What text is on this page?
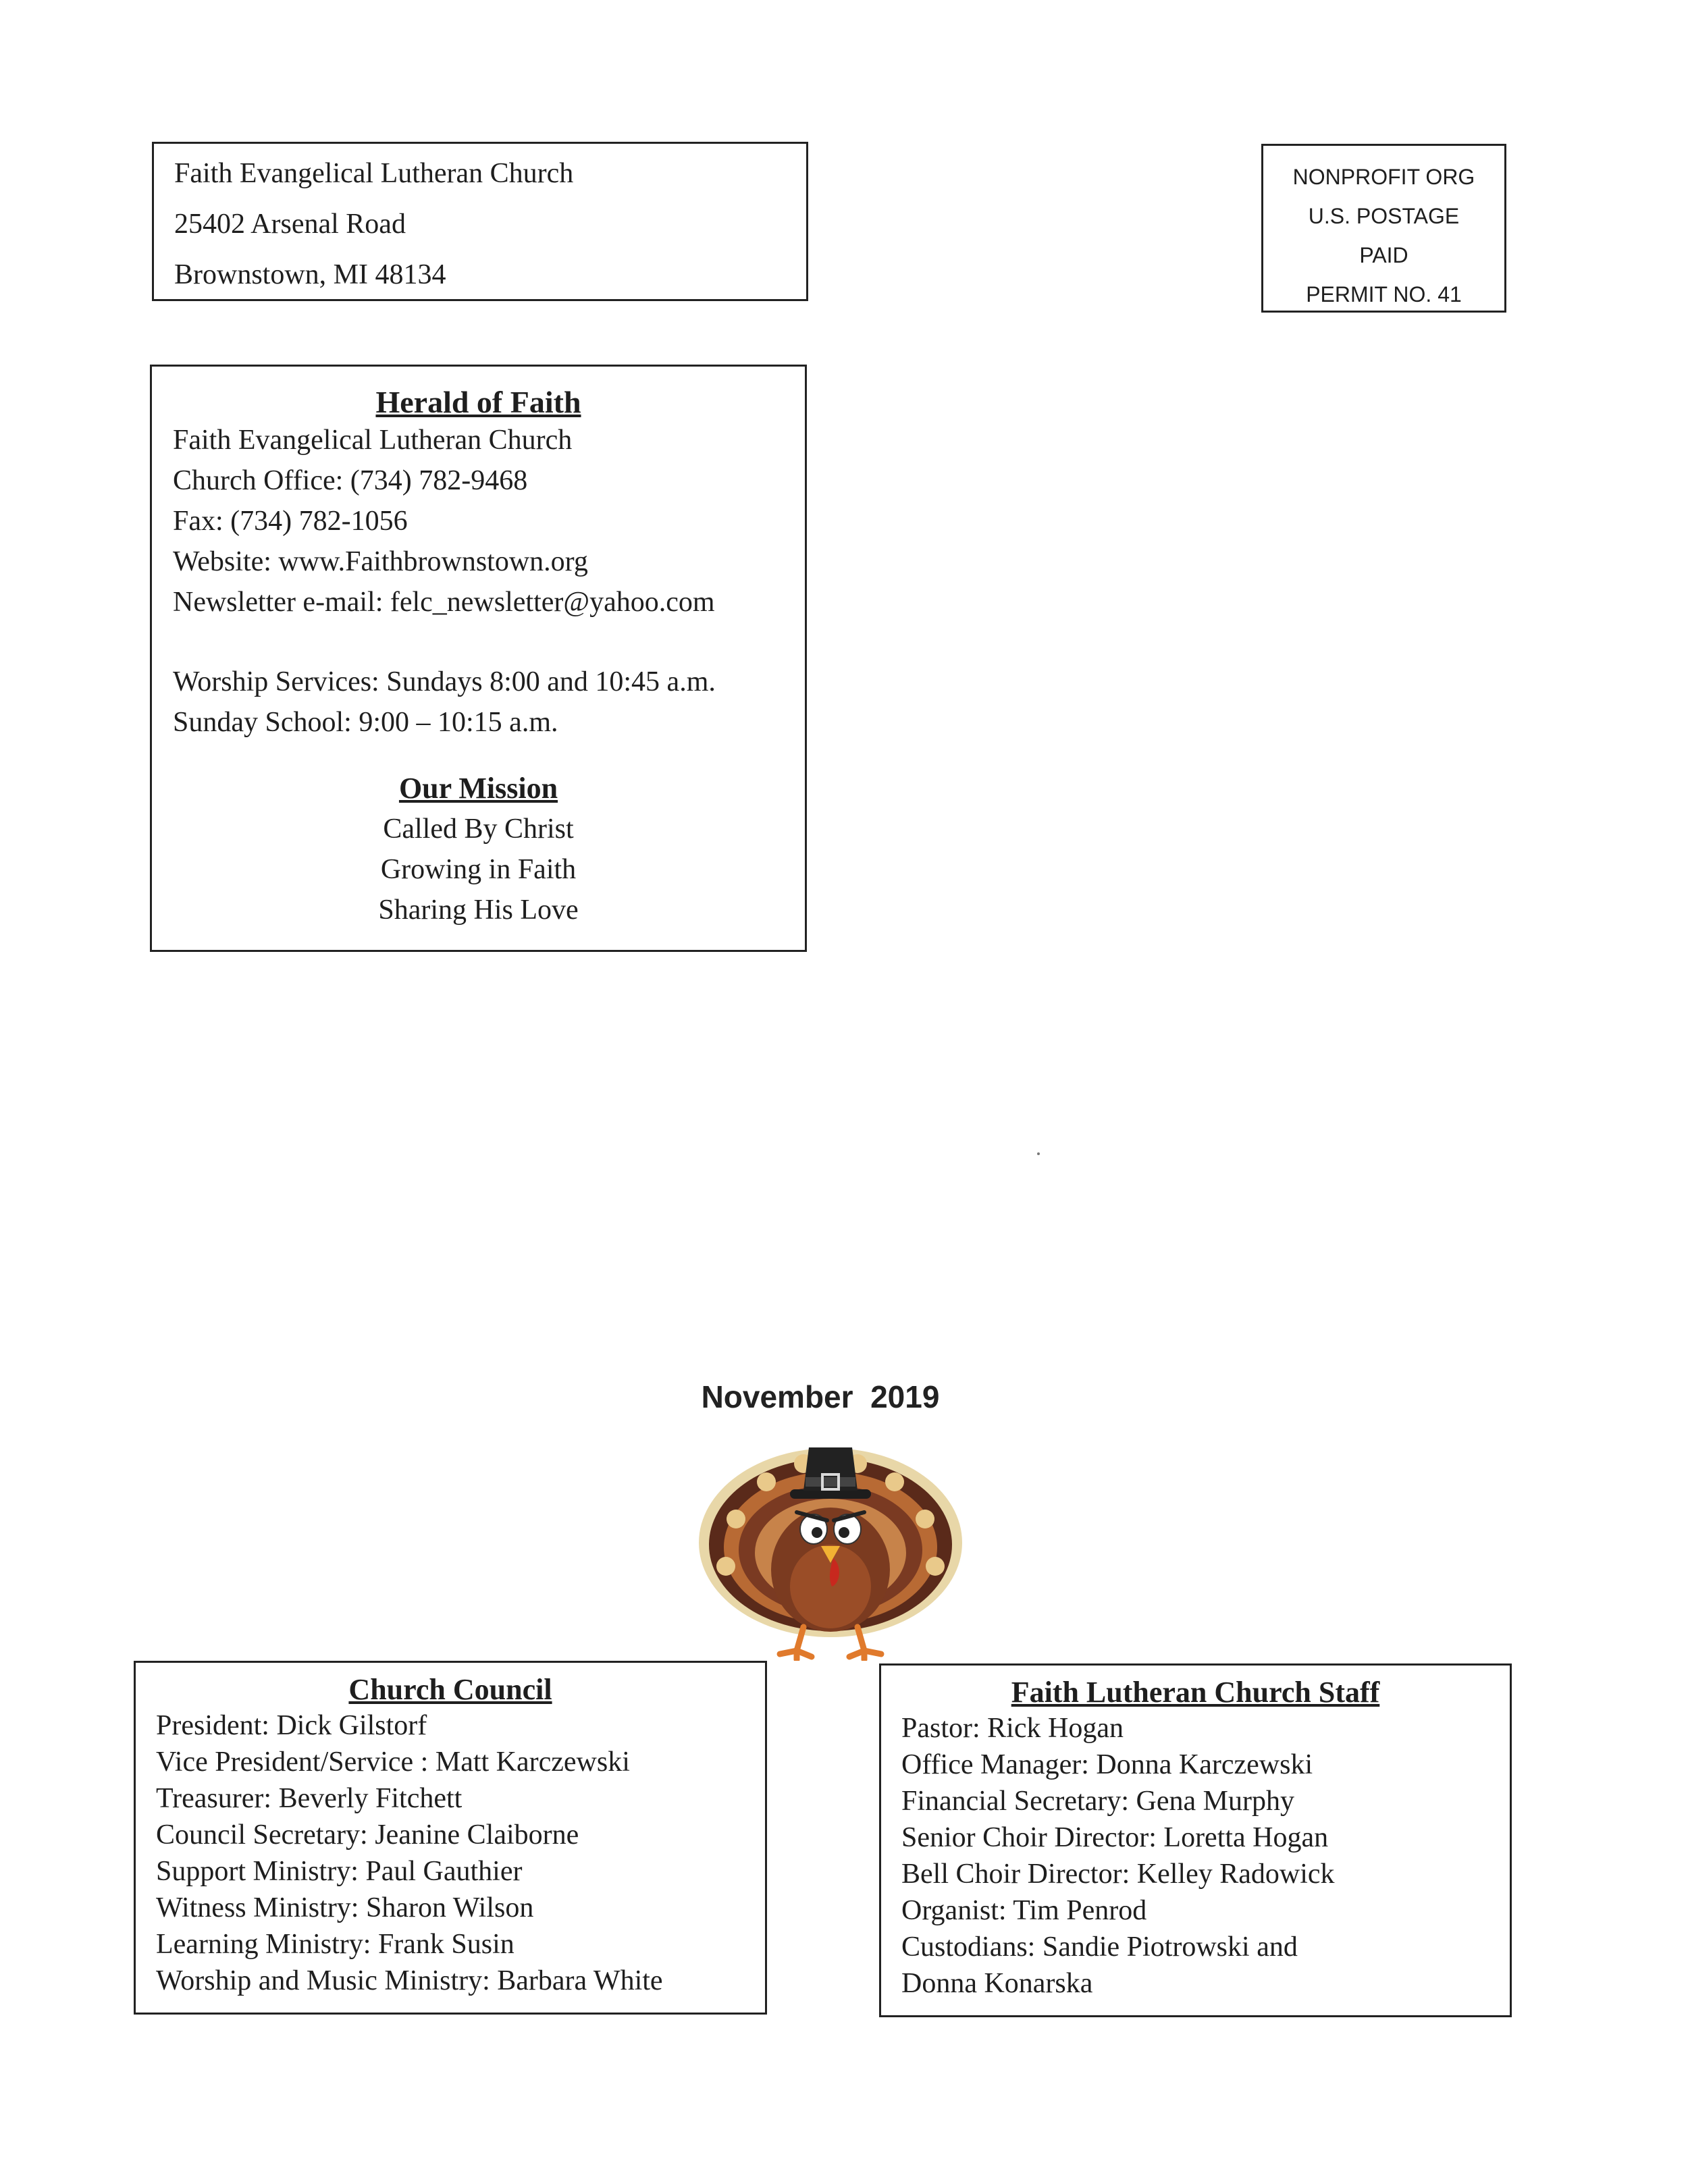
Faith Evangelical Lutheran Church
25402 Arsenal Road
Brownstown, MI 48134
NONPROFIT ORG
U.S. POSTAGE
PAID
PERMIT NO. 41
Herald of Faith
Faith Evangelical Lutheran Church
Church Office: (734) 782-9468
Fax: (734) 782-1056
Website: www.Faithbrownstown.org
Newsletter e-mail: felc_newsletter@yahoo.com
Worship Services: Sundays 8:00 and 10:45 a.m.
Sunday School: 9:00 – 10:15 a.m.
Our Mission
Called By Christ
Growing in Faith
Sharing His Love
November  2019
Church Council
President: Dick Gilstorf
Vice President/Service : Matt Karczewski
Treasurer: Beverly Fitchett
Council Secretary: Jeanine Claiborne
Support Ministry: Paul Gauthier
Witness Ministry: Sharon Wilson
Learning Ministry: Frank Susin
Worship and Music Ministry: Barbara White
Faith Lutheran Church Staff
Pastor: Rick Hogan
Office Manager: Donna Karczewski
Financial Secretary: Gena Murphy
Senior Choir Director: Loretta Hogan
Bell Choir Director: Kelley Radowick
Organist: Tim Penrod
Custodians: Sandie Piotrowski and
Donna Konarska
